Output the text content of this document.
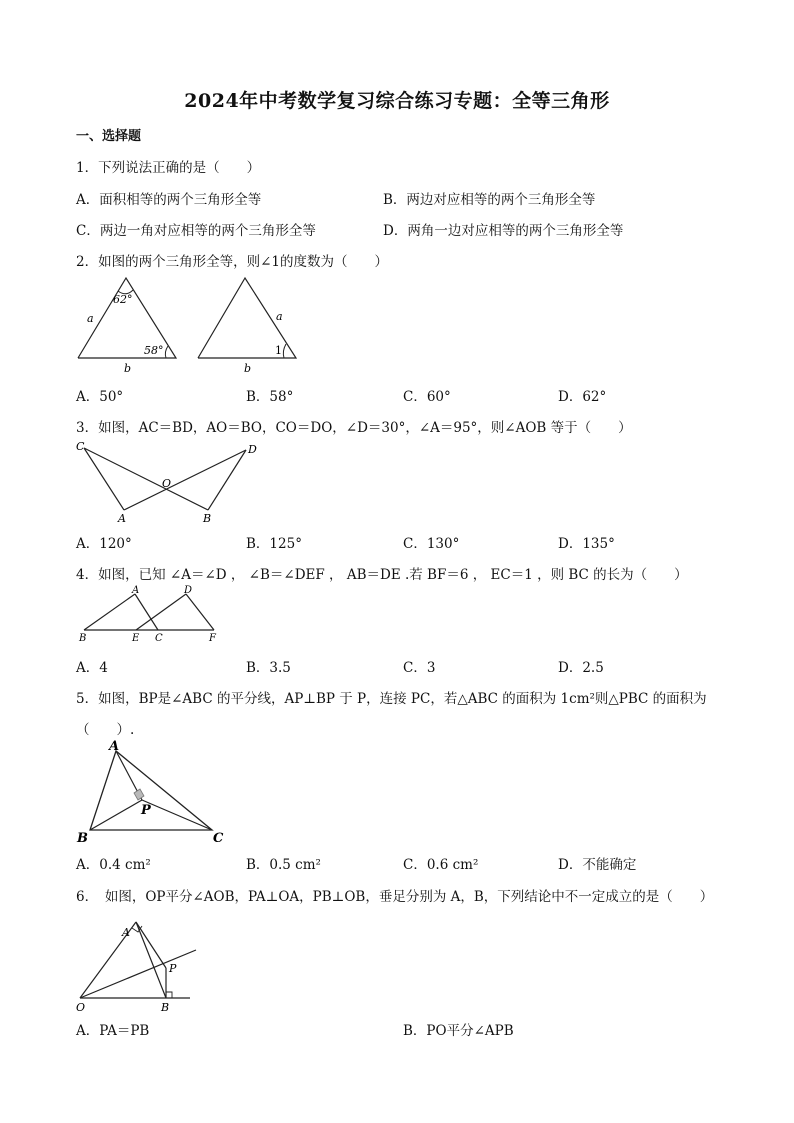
2024年中考数学复习综合练习专题：全等三角形
一、选择题
1．下列说法正确的是（　　）
A．面积相等的两个三角形全等	B．两边对应相等的两个三角形全等
C．两边一角对应相等的两个三角形全等	D．两角一边对应相等的两个三角形全等
2．如图的两个三角形全等，则∠1的度数为（　　）
62°
58°
a
b
a
b
1
A．50°	B．58°	C．60°	D．62°
3．如图，AC＝BD，AO＝BO，CO＝DO，∠D＝30°，∠A＝95°，则∠AOB 等于（　　）
C	D
O
A	B
A．120°	B．125°	C．130°	D．135°
4．如图，已知 ∠A＝∠D ， ∠B＝∠DEF ， AB＝DE .若 BF＝6 ， EC＝1 ，则 BC 的长为（　　）
A	D
B	E C	F
A．4	B．3.5	C．3	D．2.5
5．如图，BP是∠ABC 的平分线，AP⊥BP 于 P，连接 PC，若△ABC 的面积为 1cm²则△PBC 的面积为
（　　）.
A
B	C
P
A．0.4 cm²	B．0.5 cm²	C．0.6 cm²	D．不能确定
6．　如图，OP平分∠AOB，PA⊥OA，PB⊥OB，垂足分别为 A，B，下列结论中不一定成立的是（　　）
A
P
O	B
A．PA＝PB	B．PO平分∠APB
